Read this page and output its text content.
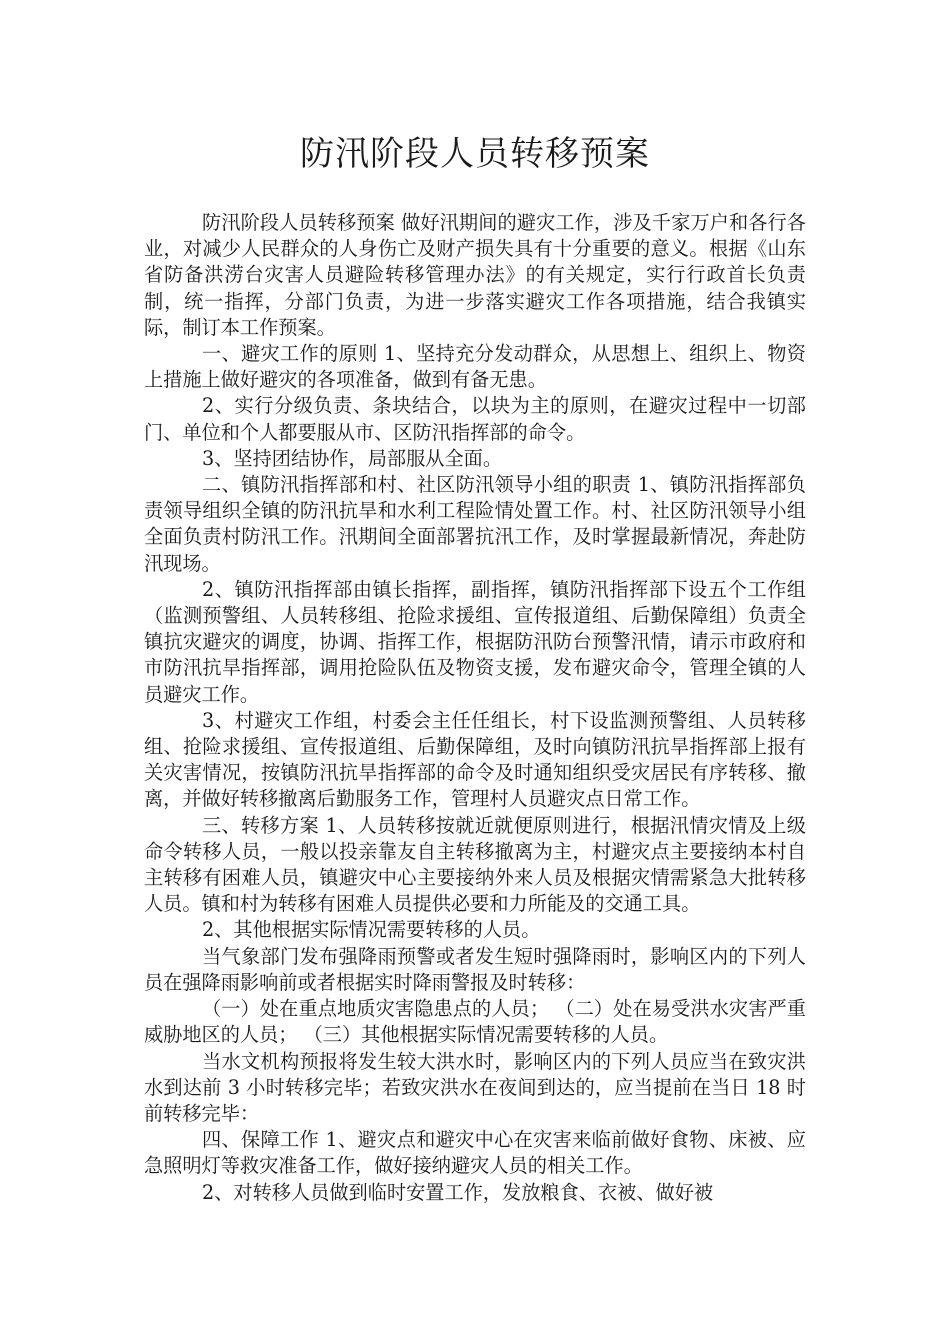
防汛阶段人员转移预案

防汛阶段人员转移预案 做好汛期间的避灾工作，涉及千家万户和各行各业，对减少人民群众的人身伤亡及财产损失具有十分重要的意义。根据《山东省防备洪涝台灾害人员避险转移管理办法》的有关规定，实行行政首长负责制，统一指挥，分部门负责，为进一步落实避灾工作各项措施，结合我镇实际，制订本工作预案。

一、避灾工作的原则 1、坚持充分发动群众，从思想上、组织上、物资上措施上做好避灾的各项准备，做到有备无患。

2、实行分级负责、条块结合，以块为主的原则，在避灾过程中一切部门、单位和个人都要服从市、区防汛指挥部的命令。

3、坚持团结协作，局部服从全面。

二、镇防汛指挥部和村、社区防汛领导小组的职责 1、镇防汛指挥部负责领导组织全镇的防汛抗旱和水利工程险情处置工作。村、社区防汛领导小组全面负责村防汛工作。汛期间全面部署抗汛工作，及时掌握最新情况，奔赴防汛现场。

2、镇防汛指挥部由镇长指挥，副指挥，镇防汛指挥部下设五个工作组（监测预警组、人员转移组、抢险求援组、宣传报道组、后勤保障组）负责全镇抗灾避灾的调度，协调、指挥工作，根据防汛防台预警汛情，请示市政府和市防汛抗旱指挥部，调用抢险队伍及物资支援，发布避灾命令，管理全镇的人员避灾工作。

3、村避灾工作组，村委会主任任组长，村下设监测预警组、人员转移组、抢险求援组、宣传报道组、后勤保障组，及时向镇防汛抗旱指挥部上报有关灾害情况，按镇防汛抗旱指挥部的命令及时通知组织受灾居民有序转移、撤离，并做好转移撤离后勤服务工作，管理村人员避灾点日常工作。

三、转移方案 1、人员转移按就近就便原则进行，根据汛情灾情及上级命令转移人员，一般以投亲靠友自主转移撤离为主，村避灾点主要接纳本村自主转移有困难人员，镇避灾中心主要接纳外来人员及根据灾情需紧急大批转移人员。镇和村为转移有困难人员提供必要和力所能及的交通工具。

2、其他根据实际情况需要转移的人员。

当气象部门发布强降雨预警或者发生短时强降雨时，影响区内的下列人员在强降雨影响前或者根据实时降雨警报及时转移：

（一）处在重点地质灾害隐患点的人员； （二）处在易受洪水灾害严重威胁地区的人员； （三）其他根据实际情况需要转移的人员。

当水文机构预报将发生较大洪水时，影响区内的下列人员应当在致灾洪水到达前 3 小时转移完毕；若致灾洪水在夜间到达的，应当提前在当日 18 时前转移完毕：

四、保障工作 1、避灾点和避灾中心在灾害来临前做好食物、床被、应急照明灯等救灾准备工作，做好接纳避灾人员的相关工作。

2、对转移人员做到临时安置工作，发放粮食、衣被、做好被
